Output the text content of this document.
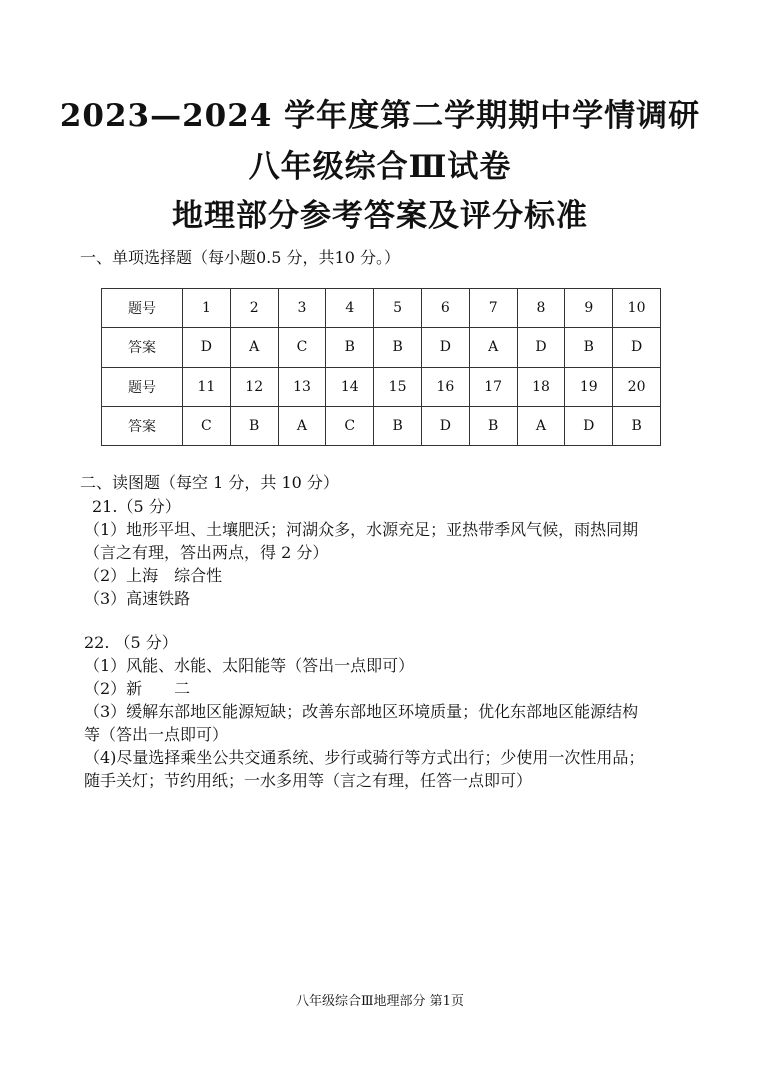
2023—2024 学年度第二学期期中学情调研
八年级综合Ⅲ试卷
地理部分参考答案及评分标准
一、单项选择题（每小题0.5 分，共10 分。）
题号	1	2	3	4	5	6	7	8	9	10
答案	D	A	C	B	B	D	A	D	B	D
题号	11	12	13	14	15	16	17	18	19	20
答案	C	B	A	C	B	D	B	A	D	B
二、读图题（每空 1 分，共 10 分）
21.（5 分）
（1）地形平坦、土壤肥沃；河湖众多，水源充足；亚热带季风气候，雨热同期
（言之有理，答出两点，得 2 分）
（2）上海　综合性
（3）高速铁路
22. （5 分）
（1）风能、水能、太阳能等（答出一点即可）
（2）新　　二
（3）缓解东部地区能源短缺；改善东部地区环境质量；优化东部地区能源结构
等（答出一点即可）
（4)尽量选择乘坐公共交通系统、步行或骑行等方式出行；少使用一次性用品；
随手关灯；节约用纸；一水多用等（言之有理，任答一点即可）
八年级综合Ⅲ地理部分 第1页
